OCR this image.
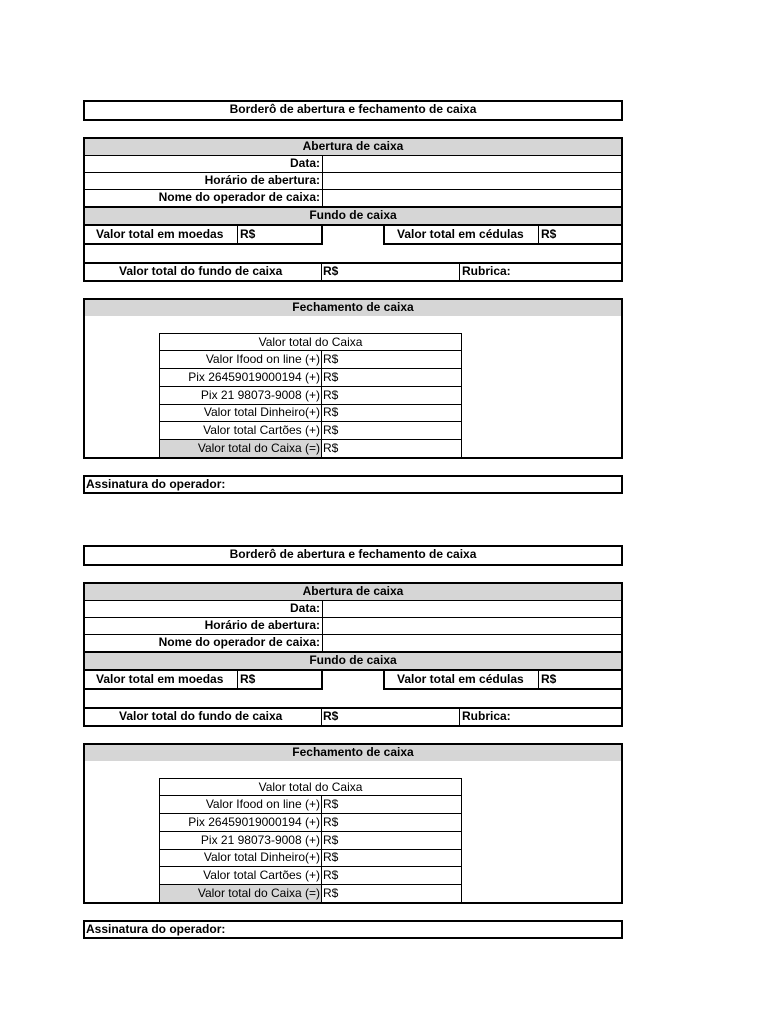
Borderô de abertura e fechamento de caixa
Abertura de caixa
Data:
Horário de abertura:
Nome do operador de caixa:
Fundo de caixa
Valor total em moedas R$	Valor total em cédulas R$
Valor total do fundo de caixa	R$	Rubrica:
Fechamento de caixa
Valor total do Caixa
Valor Ifood on line (+) R$
Pix 26459019000194 (+) R$
Pix 21 98073-9008 (+) R$
Valor total Dinheiro(+) R$
Valor total Cartões (+) R$
Valor total do Caixa (=) R$
Assinatura do operador:
Borderô de abertura e fechamento de caixa
Abertura de caixa
Data:
Horário de abertura:
Nome do operador de caixa:
Fundo de caixa
Valor total em moedas R$	Valor total em cédulas R$
Valor total do fundo de caixa	R$	Rubrica:
Fechamento de caixa
Valor total do Caixa
Valor Ifood on line (+) R$
Pix 26459019000194 (+) R$
Pix 21 98073-9008 (+) R$
Valor total Dinheiro(+) R$
Valor total Cartões (+) R$
Valor total do Caixa (=) R$
Assinatura do operador:
